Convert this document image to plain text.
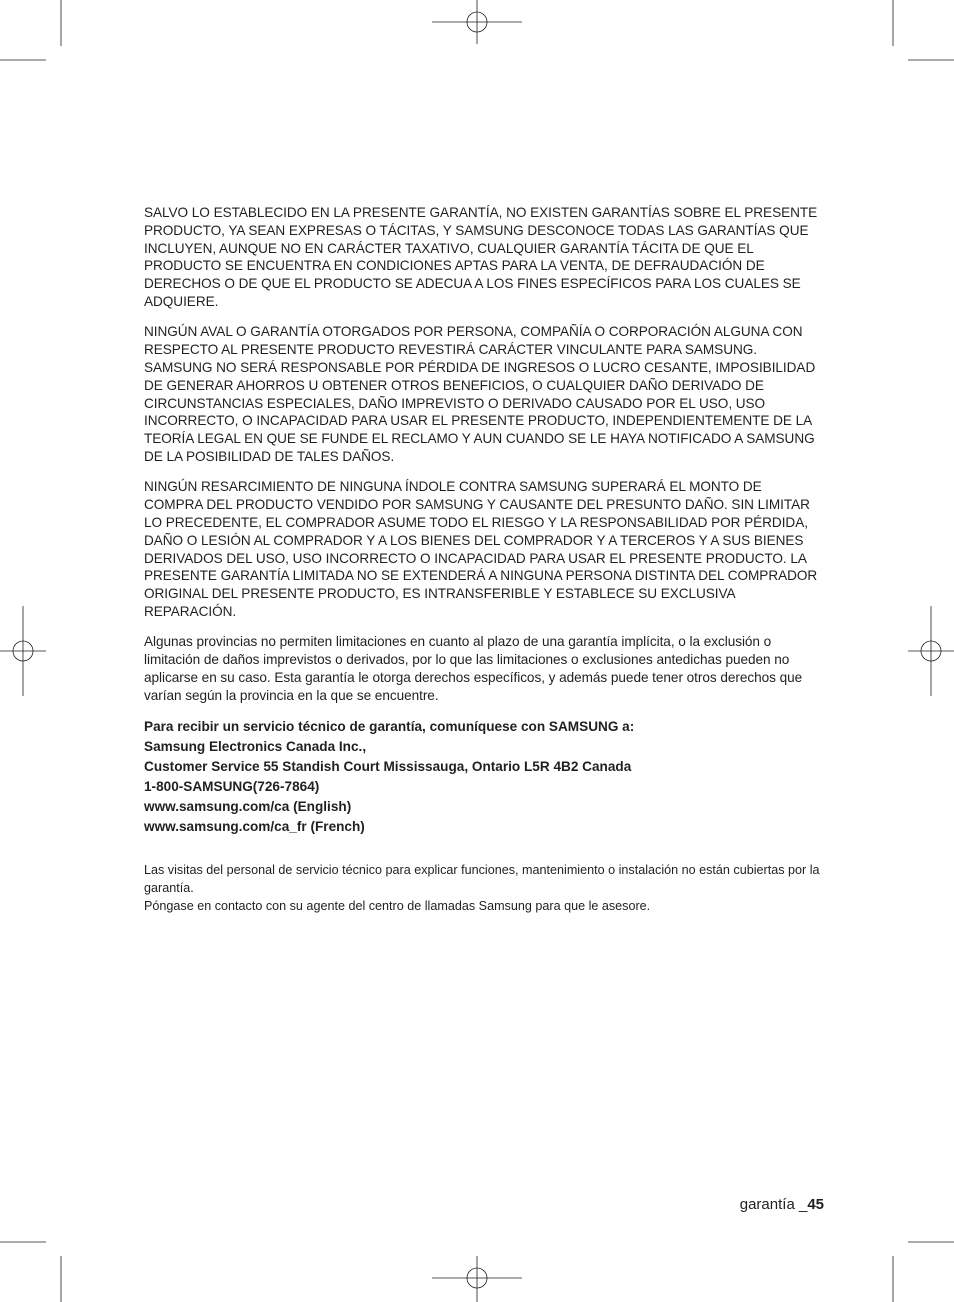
SALVO LO ESTABLECIDO EN LA PRESENTE GARANTÍA, NO EXISTEN GARANTÍAS SOBRE EL PRESENTE PRODUCTO, YA SEAN EXPRESAS O TÁCITAS, Y SAMSUNG DESCONOCE TODAS LAS GARANTÍAS QUE INCLUYEN, AUNQUE NO EN CARÁCTER TAXATIVO, CUALQUIER GARANTÍA TÁCITA DE QUE EL PRODUCTO SE ENCUENTRA EN CONDICIONES APTAS PARA LA VENTA, DE DEFRAUDACIÓN DE DERECHOS O DE QUE EL PRODUCTO SE ADECUA A LOS FINES ESPECÍFICOS PARA LOS CUALES SE ADQUIERE.

NINGÚN AVAL O GARANTÍA OTORGADOS POR PERSONA, COMPAÑÍA O CORPORACIÓN ALGUNA CON RESPECTO AL PRESENTE PRODUCTO REVESTIRÁ CARÁCTER VINCULANTE PARA SAMSUNG. SAMSUNG NO SERÁ RESPONSABLE POR PÉRDIDA DE INGRESOS O LUCRO CESANTE, IMPOSIBILIDAD DE GENERAR AHORROS U OBTENER OTROS BENEFICIOS, O CUALQUIER DAÑO DERIVADO DE CIRCUNSTANCIAS ESPECIALES, DAÑO IMPREVISTO O DERIVADO CAUSADO POR EL USO, USO INCORRECTO, O INCAPACIDAD PARA USAR EL PRESENTE PRODUCTO, INDEPENDIENTEMENTE DE LA TEORÍA LEGAL EN QUE SE FUNDE EL RECLAMO Y AUN CUANDO SE LE HAYA NOTIFICADO A SAMSUNG DE LA POSIBILIDAD DE TALES DAÑOS.

NINGÚN RESARCIMIENTO DE NINGUNA ÍNDOLE CONTRA SAMSUNG SUPERARÁ EL MONTO DE COMPRA DEL PRODUCTO VENDIDO POR SAMSUNG Y CAUSANTE DEL PRESUNTO DAÑO. SIN LIMITAR LO PRECEDENTE, EL COMPRADOR ASUME TODO EL RIESGO Y LA RESPONSABILIDAD POR PÉRDIDA, DAÑO O LESIÓN AL COMPRADOR Y A LOS BIENES DEL COMPRADOR Y A TERCEROS Y A SUS BIENES DERIVADOS DEL USO, USO INCORRECTO O INCAPACIDAD PARA USAR EL PRESENTE PRODUCTO. LA PRESENTE GARANTÍA LIMITADA NO SE EXTENDERÁ A NINGUNA PERSONA DISTINTA DEL COMPRADOR ORIGINAL DEL PRESENTE PRODUCTO, ES INTRANSFERIBLE Y ESTABLECE SU EXCLUSIVA REPARACIÓN.

Algunas provincias no permiten limitaciones en cuanto al plazo de una garantía implícita, o la exclusión o limitación de daños imprevistos o derivados, por lo que las limitaciones o exclusiones antedichas pueden no aplicarse en su caso. Esta garantía le otorga derechos específicos, y además puede tener otros derechos que varían según la provincia en la que se encuentre.

Para recibir un servicio técnico de garantía, comuníquese con SAMSUNG a:
Samsung Electronics Canada Inc.,
Customer Service 55 Standish Court Mississauga, Ontario L5R 4B2 Canada
1-800-SAMSUNG(726-7864)
www.samsung.com/ca (English)
www.samsung.com/ca_fr (French)
Las visitas del personal de servicio técnico para explicar funciones, mantenimiento o instalación no están cubiertas por la garantía.
Póngase en contacto con su agente del centro de llamadas Samsung para que le asesore.
garantía _45
